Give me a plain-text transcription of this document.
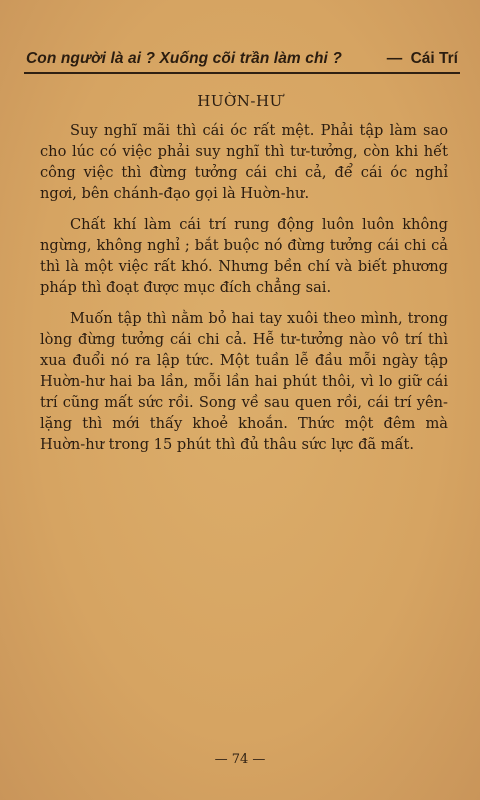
Con người là ai ? Xuống cõi trần làm chi ?	— Cái Trí
HUỜN-HƯ

Suy nghĩ mãi thì cái óc rất mệt. Phải tập làm sao cho lúc có việc phải suy nghĩ thì tư-tưởng, còn khi hết công việc thì đừng tưởng cái chi cả, để cái óc nghỉ ngơi, bên chánh-đạo gọi là Huờn-hư.

Chất khí làm cái trí rung động luôn luôn không ngừng, không nghỉ ; bắt buộc nó đừng tưởng cái chi cả thì là một việc rất khó. Nhưng bền chí và biết phương pháp thì đoạt được mục đích chẳng sai.

Muốn tập thì nằm bỏ hai tay xuôi theo mình, trong lòng đừng tưởng cái chi cả. Hễ tư-tưởng nào vô trí thì xua đuổi nó ra lập tức. Một tuần lễ đầu mỗi ngày tập Huờn-hư hai ba lần, mỗi lần hai phút thôi, vì lo giữ cái trí cũng mất sức rồi. Song về sau quen rồi, cái trí yên-lặng thì mới thấy khoẻ khoắn. Thức một đêm mà Huờn-hư trong 15 phút thì đủ thâu sức lực đã mất.

— 74 —
